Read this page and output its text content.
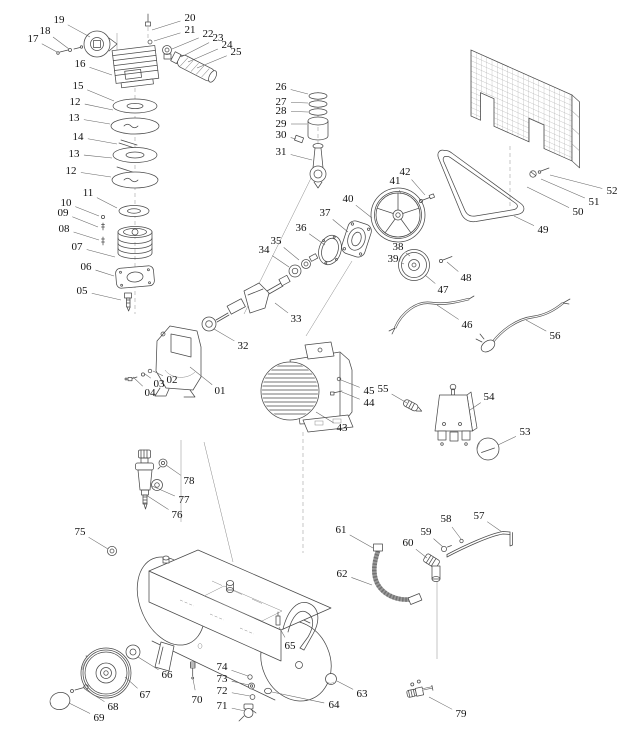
01
02
03
04
05
06
07
08
09
10
11
12
13
14
13
12
15
16
17
18
19	20
21 22 23
24
25
26
27
28
29
30
31
32
33
34
35
36
37
38
39
40
41
42
43
44
45
46
47
48
49
50
51
52
53
54
55
56
57
58
59
60
61
62
63
64
65
66
67
68
69
70 71
72
73
74
75
76
77
78
79
